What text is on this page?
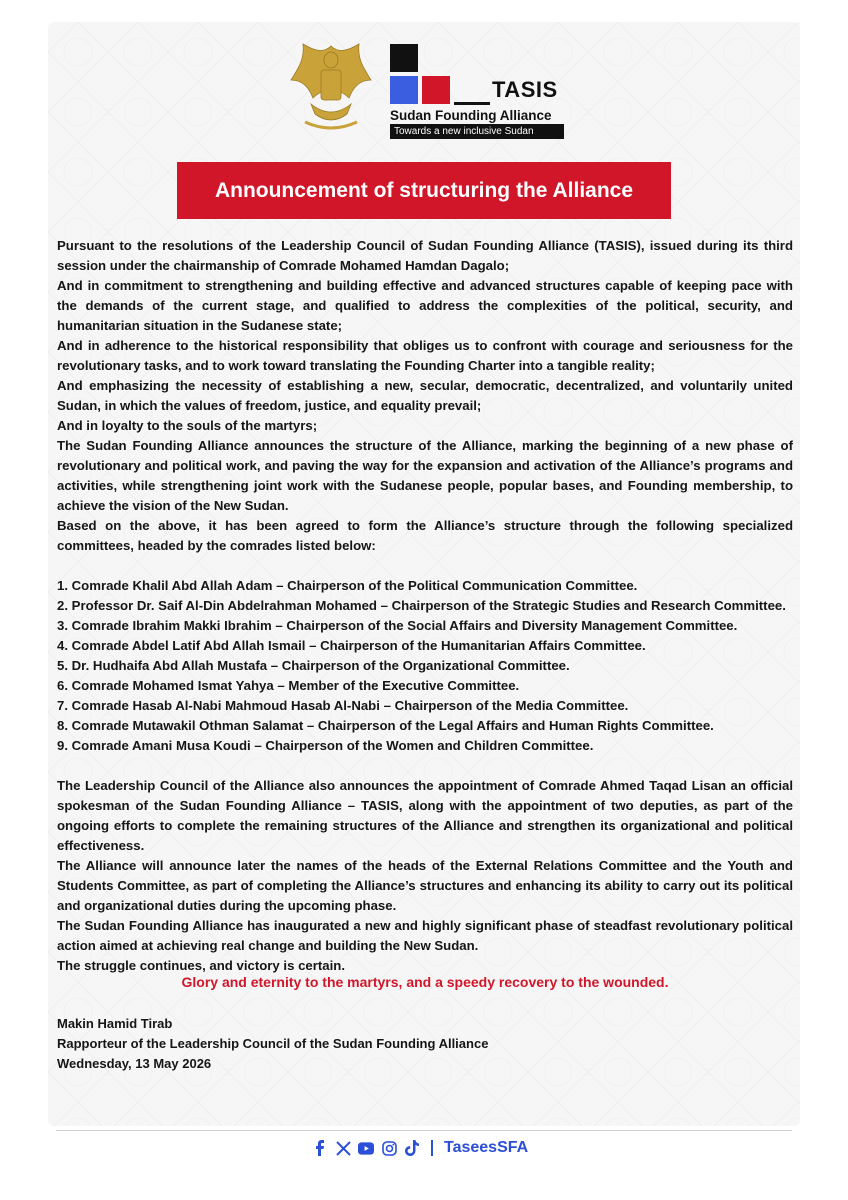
TASIS
Sudan Founding Alliance
Towards a new inclusive Sudan
Announcement of structuring the Alliance

Pursuant to the resolutions of the Leadership Council of Sudan Founding Alliance (TASIS), issued during its third session under the chairmanship of Comrade Mohamed Hamdan Dagalo;

And in commitment to strengthening and building effective and advanced structures capable of keeping pace with the demands of the current stage, and qualified to address the complexities of the political, security, and humanitarian situation in the Sudanese state;

And in adherence to the historical responsibility that obliges us to confront with courage and seriousness for the revolutionary tasks, and to work toward translating the Founding Charter into a tangible reality;

And emphasizing the necessity of establishing a new, secular, democratic, decentralized, and voluntarily united Sudan, in which the values of freedom, justice, and equality prevail;

And in loyalty to the souls of the martyrs;

The Sudan Founding Alliance announces the structure of the Alliance, marking the beginning of a new phase of revolutionary and political work, and paving the way for the expansion and activation of the Alliance’s programs and activities, while strengthening joint work with the Sudanese people, popular bases, and Founding membership, to achieve the vision of the New Sudan.

Based on the above, it has been agreed to form the Alliance’s structure through the following specialized committees, headed by the comrades listed below:

1. Comrade Khalil Abd Allah Adam – Chairperson of the Political Communication Committee.
2. Professor Dr. Saif Al-Din Abdelrahman Mohamed – Chairperson of the Strategic Studies and Research Committee.
3. Comrade Ibrahim Makki Ibrahim – Chairperson of the Social Affairs and Diversity Management Committee.
4. Comrade Abdel Latif Abd Allah Ismail – Chairperson of the Humanitarian Affairs Committee.
5. Dr. Hudhaifa Abd Allah Mustafa – Chairperson of the Organizational Committee.
6. Comrade Mohamed Ismat Yahya – Member of the Executive Committee.
7. Comrade Hasab Al-Nabi Mahmoud Hasab Al-Nabi – Chairperson of the Media Committee.
8. Comrade Mutawakil Othman Salamat – Chairperson of the Legal Affairs and Human Rights Committee.
9. Comrade Amani Musa Koudi – Chairperson of the Women and Children Committee.

The Leadership Council of the Alliance also announces the appointment of Comrade Ahmed Taqad Lisan an official spokesman of the Sudan Founding Alliance – TASIS, along with the appointment of two deputies, as part of the ongoing efforts to complete the remaining structures of the Alliance and strengthen its organizational and political effectiveness.

The Alliance will announce later the names of the heads of the External Relations Committee and the Youth and Students Committee, as part of completing the Alliance’s structures and enhancing its ability to carry out its political and organizational duties during the upcoming phase.

The Sudan Founding Alliance has inaugurated a new and highly significant phase of steadfast revolutionary political action aimed at achieving real change and building the New Sudan.

The struggle continues, and victory is certain.

Glory and eternity to the martyrs, and a speedy recovery to the wounded.
Makin Hamid Tirab
Rapporteur of the Leadership Council of the Sudan Founding Alliance
Wednesday, 13 May 2026
TaseesSFA
